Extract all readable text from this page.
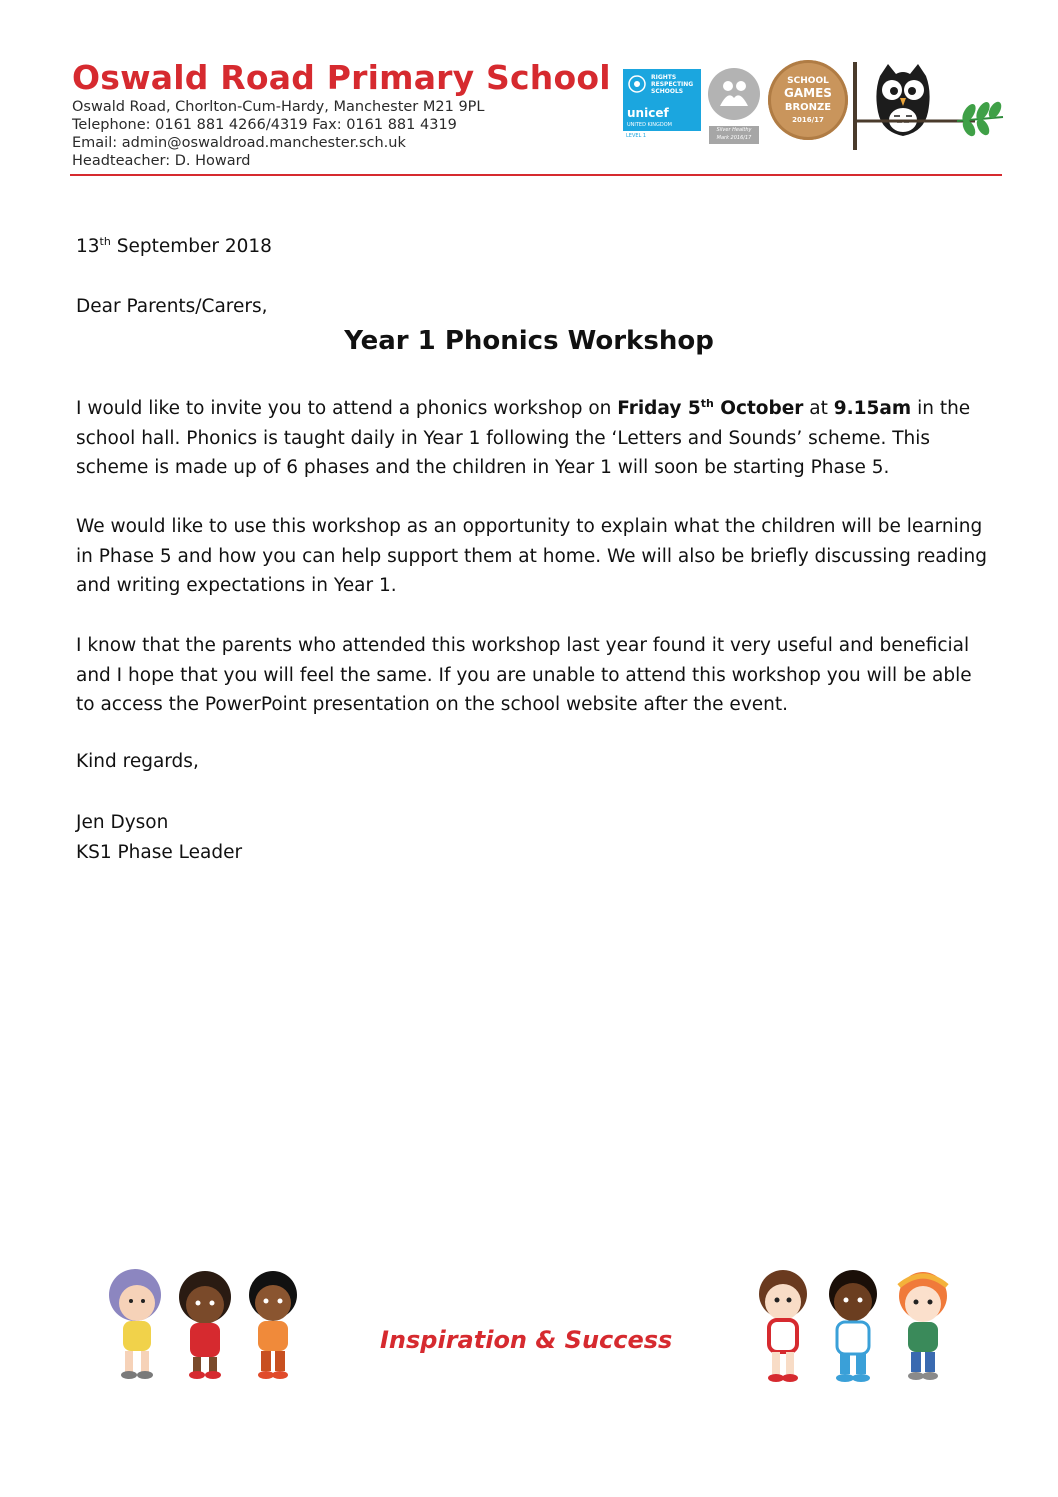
Oswald Road Primary School
Oswald Road, Chorlton-Cum-Hardy, Manchester M21 9PL
Telephone: 0161 881 4266/4319 Fax: 0161 881 4319
Email: admin@oswaldroad.manchester.sch.uk
Headteacher: D. Howard
RIGHTS
RESPECTING
SCHOOLS
unicef
UNITED KINGDOM
LEVEL 1
Silver Healthy
Mark 2016/17
SCHOOL
GAMES
BRONZE
2016/17
13th September 2018
Dear Parents/Carers,
Year 1 Phonics Workshop

I would like to invite you to attend a phonics workshop on Friday 5th October at 9.15am in the school hall. Phonics is taught daily in Year 1 following the ‘Letters and Sounds’ scheme. This scheme is made up of 6 phases and the children in Year 1 will soon be starting Phase 5.

We would like to use this workshop as an opportunity to explain what the children will be learning in Phase 5 and how you can help support them at home. We will also be briefly discussing reading and writing expectations in Year 1.

I know that the parents who attended this workshop last year found it very useful and beneficial and I hope that you will feel the same. If you are unable to attend this workshop you will be able to access the PowerPoint presentation on the school website after the event.

Kind regards,
Jen Dyson
KS1 Phase Leader
Inspiration & Success
